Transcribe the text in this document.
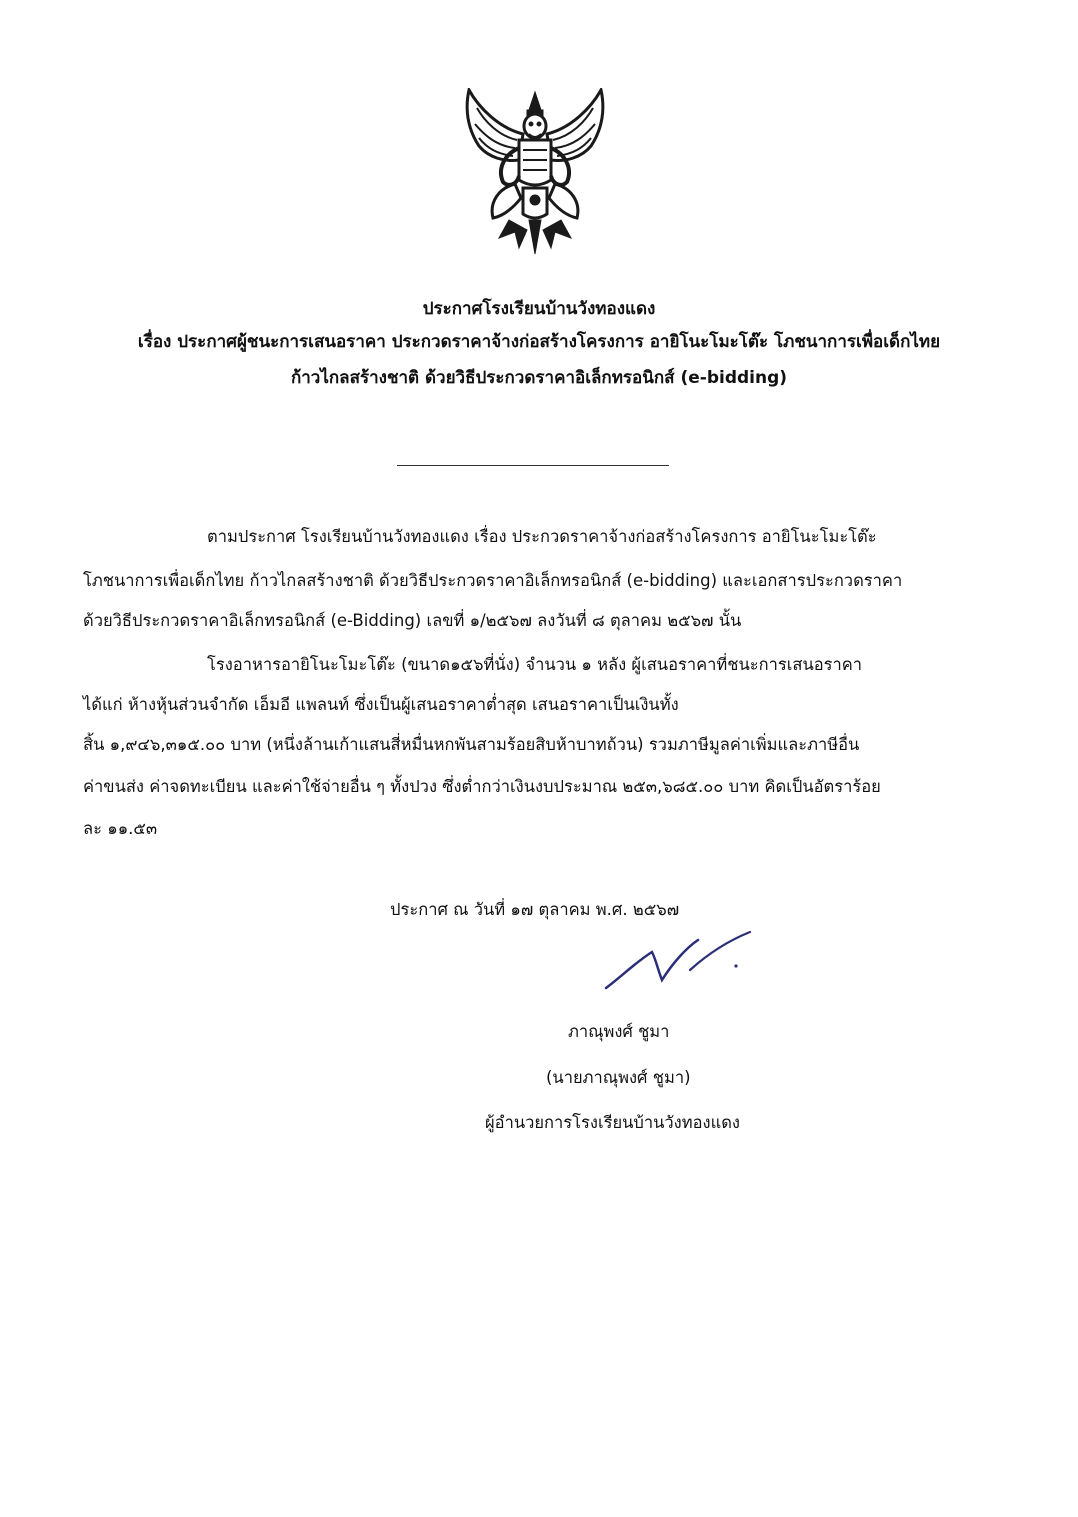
ประกาศโรงเรียนบ้านวังทองแดง
เรื่อง ประกาศผู้ชนะการเสนอราคา ประกวดราคาจ้างก่อสร้างโครงการ อายิโนะโมะโต๊ะ โภชนาการเพื่อเด็กไทย
ก้าวไกลสร้างชาติ ด้วยวิธีประกวดราคาอิเล็กทรอนิกส์ (e-bidding)
ตามประกาศ โรงเรียนบ้านวังทองแดง เรื่อง ประกวดราคาจ้างก่อสร้างโครงการ อายิโนะโมะโต๊ะ
โภชนาการเพื่อเด็กไทย ก้าวไกลสร้างชาติ ด้วยวิธีประกวดราคาอิเล็กทรอนิกส์ (e-bidding) และเอกสารประกวดราคา
ด้วยวิธีประกวดราคาอิเล็กทรอนิกส์ (e-Bidding) เลขที่ ๑/๒๕๖๗ ลงวันที่ ๘ ตุลาคม ๒๕๖๗ นั้น
โรงอาหารอายิโนะโมะโต๊ะ (ขนาด๑๕๖ที่นั่ง) จำนวน ๑ หลัง ผู้เสนอราคาที่ชนะการเสนอราคา
ได้แก่ ห้างหุ้นส่วนจำกัด เอ็มอี แพลนท์ ซึ่งเป็นผู้เสนอราคาต่ำสุด เสนอราคาเป็นเงินทั้ง
สิ้น ๑,๙๔๖,๓๑๕.๐๐ บาท (หนึ่งล้านเก้าแสนสี่หมื่นหกพันสามร้อยสิบห้าบาทถ้วน) รวมภาษีมูลค่าเพิ่มและภาษีอื่น
ค่าขนส่ง ค่าจดทะเบียน และค่าใช้จ่ายอื่น ๆ ทั้งปวง ซึ่งต่ำกว่าเงินงบประมาณ ๒๕๓,๖๘๕.๐๐ บาท คิดเป็นอัตราร้อย
ละ ๑๑.๕๓
ประกาศ ณ วันที่ ๑๗ ตุลาคม พ.ศ. ๒๕๖๗
ภาณุพงศ์ ชูมา
(นายภาณุพงศ์ ชูมา)
ผู้อำนวยการโรงเรียนบ้านวังทองแดง
